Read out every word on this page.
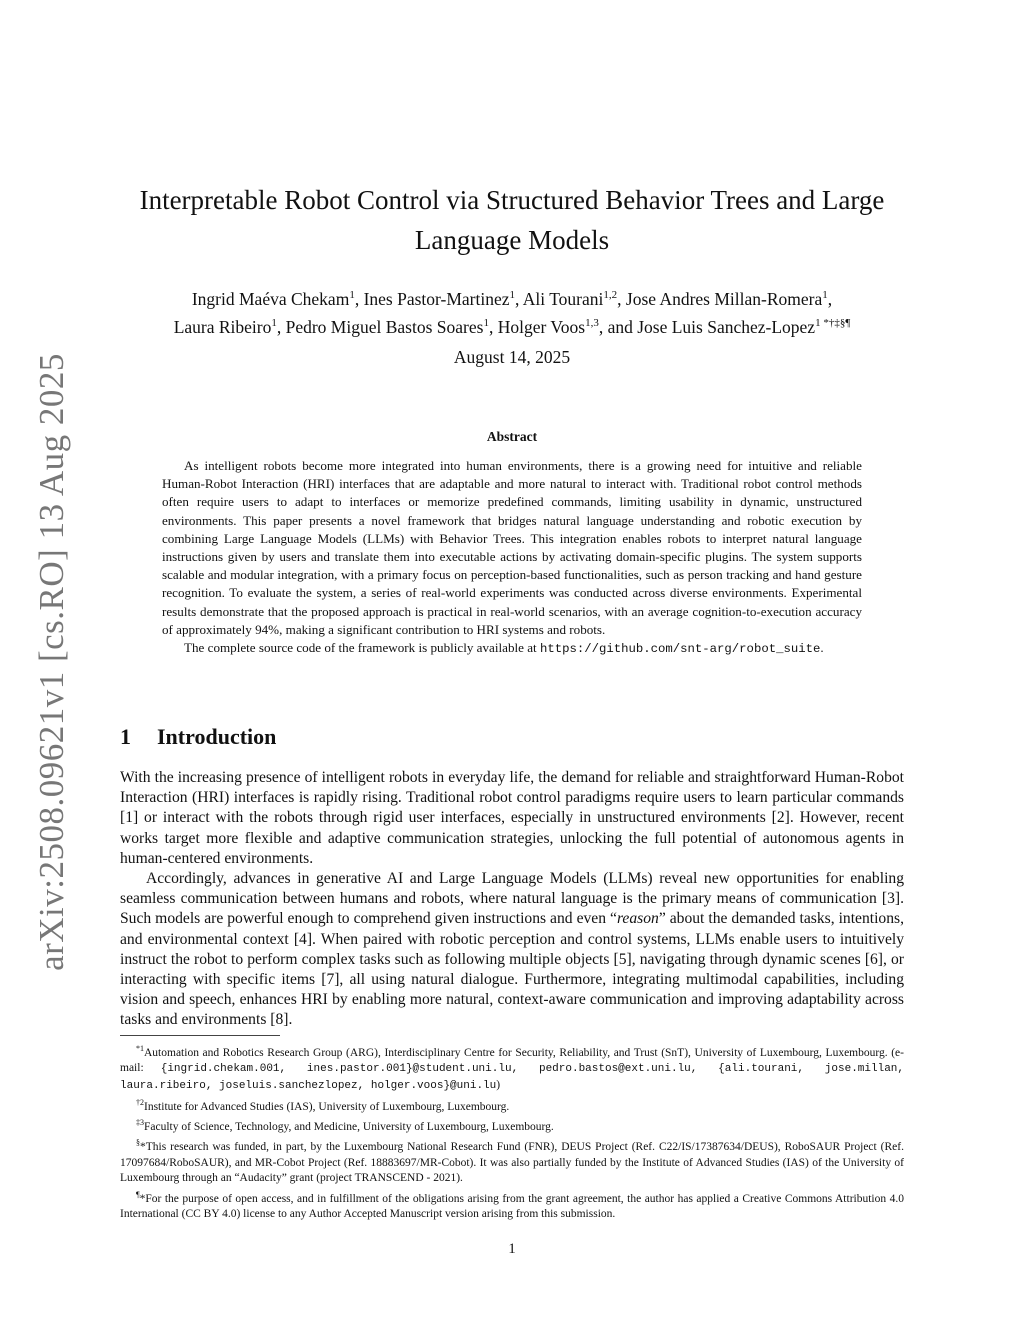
arXiv:2508.09621v1 [cs.RO] 13 Aug 2025
Interpretable Robot Control via Structured Behavior Trees and Large Language Models
Ingrid Maéva Chekam$^1$, Ines Pastor-Martinez$^1$, Ali Tourani$^{1,2}$, Jose Andres Millan-Romera$^1$,
Laura Ribeiro$^1$, Pedro Miguel Bastos Soares$^1$, Holger Voos$^{1,3}$, and Jose Luis Sanchez-Lopez$^{1 *\dagger\ddagger\S\P}$
August 14, 2025
Abstract

As intelligent robots become more integrated into human environments, there is a growing need for intuitive and reliable Human-Robot Interaction (HRI) interfaces that are adaptable and more natural to interact with. Traditional robot control methods often require users to adapt to interfaces or memorize predefined commands, limiting usability in dynamic, unstructured environments. This paper presents a novel framework that bridges natural language understanding and robotic execution by combining Large Language Models (LLMs) with Behavior Trees. This integration enables robots to interpret natural language instructions given by users and translate them into executable actions by activating domain-specific plugins. The system supports scalable and modular integration, with a primary focus on perception-based functionalities, such as person tracking and hand gesture recognition. To evaluate the system, a series of real-world experiments was conducted across diverse environments. Experimental results demonstrate that the proposed approach is practical in real-world scenarios, with an average cognition-to-execution accuracy of approximately 94%, making a significant contribution to HRI systems and robots.

The complete source code of the framework is publicly available at https://github.com/snt-arg/robot_suite.

1 Introduction

With the increasing presence of intelligent robots in everyday life, the demand for reliable and straightforward Human-Robot Interaction (HRI) interfaces is rapidly rising. Traditional robot control paradigms require users to learn particular commands [1] or interact with the robots through rigid user interfaces, especially in unstructured environments [2]. However, recent works target more flexible and adaptive communication strategies, unlocking the full potential of autonomous agents in human-centered environments.

Accordingly, advances in generative AI and Large Language Models (LLMs) reveal new opportunities for enabling seamless communication between humans and robots, where natural language is the primary means of communication [3]. Such models are powerful enough to comprehend given instructions and even “reason” about the demanded tasks, intentions, and environmental context [4]. When paired with robotic perception and control systems, LLMs enable users to intuitively instruct the robot to perform complex tasks such as following multiple objects [5], navigating through dynamic scenes [6], or interacting with specific items [7], all using natural dialogue. Furthermore, integrating multimodal capabilities, including vision and speech, enhances HRI by enabling more natural, context-aware communication and improving adaptability across tasks and environments [8].

$^{*1}$Automation and Robotics Research Group (ARG), Interdisciplinary Centre for Security, Reliability, and Trust (SnT), University of Luxembourg, Luxembourg. (e-mail: {ingrid.chekam.001, ines.pastor.001}@student.uni.lu, pedro.bastos@ext.uni.lu, {ali.tourani, jose.millan, laura.ribeiro, joseluis.sanchezlopez, holger.voos}@uni.lu)

$^{\dagger 2}$Institute for Advanced Studies (IAS), University of Luxembourg, Luxembourg.

$^{\ddagger 3}$Faculty of Science, Technology, and Medicine, University of Luxembourg, Luxembourg.

§*This research was funded, in part, by the Luxembourg National Research Fund (FNR), DEUS Project (Ref. C22/IS/17387634/DEUS), RoboSAUR Project (Ref. 17097684/RoboSAUR), and MR-Cobot Project (Ref. 18883697/MR-Cobot). It was also partially funded by the Institute of Advanced Studies (IAS) of the University of Luxembourg through an “Audacity” grant (project TRANSCEND - 2021).

¶*For the purpose of open access, and in fulfillment of the obligations arising from the grant agreement, the author has applied a Creative Commons Attribution 4.0 International (CC BY 4.0) license to any Author Accepted Manuscript version arising from this submission.

1
